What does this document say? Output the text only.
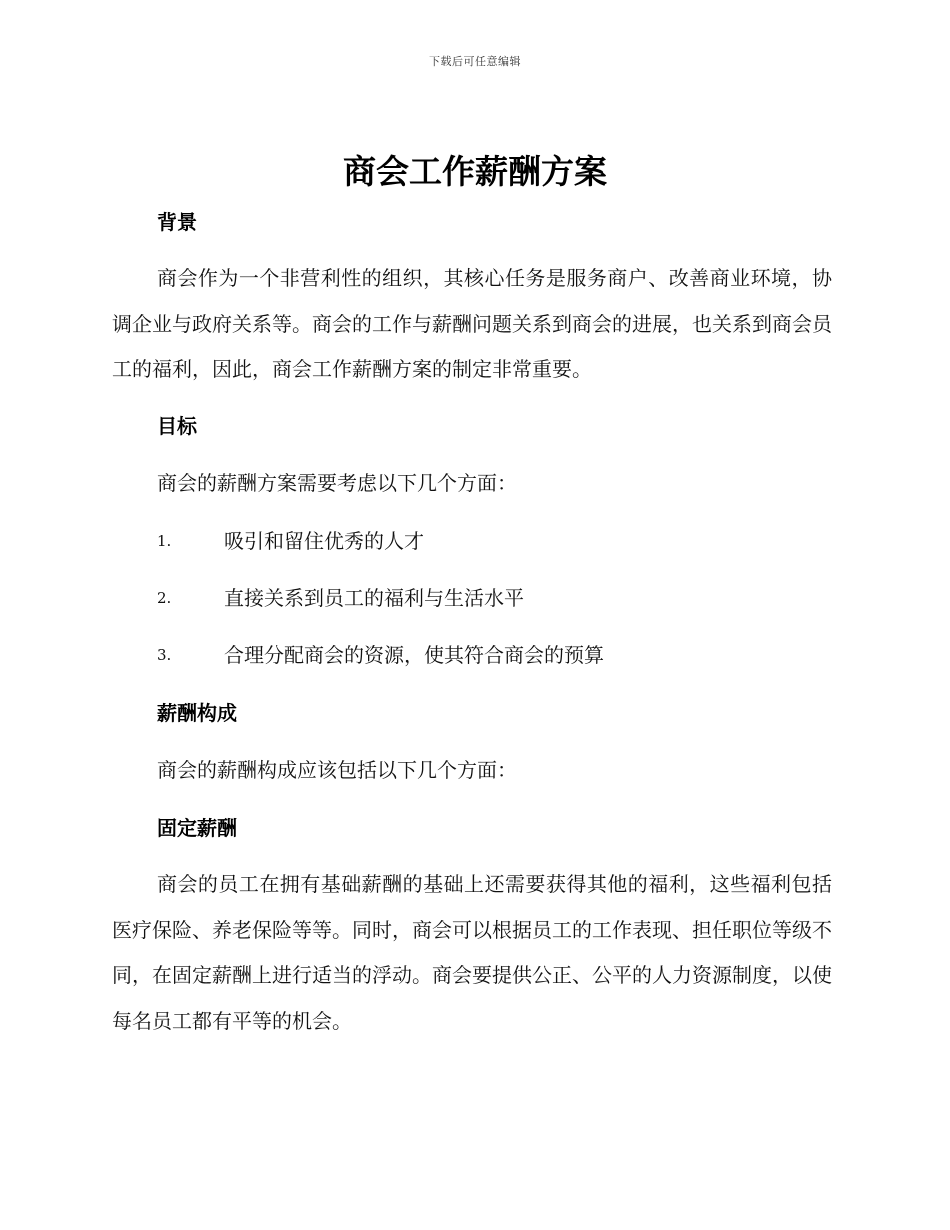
下载后可任意编辑
商会工作薪酬方案
背景

商会作为一个非营利性的组织，其核心任务是服务商户、改善商业环境，协调企业与政府关系等。商会的工作与薪酬问题关系到商会的进展，也关系到商会员工的福利，因此，商会工作薪酬方案的制定非常重要。

目标

商会的薪酬方案需要考虑以下几个方面：

1.	吸引和留住优秀的人才
2.	直接关系到员工的福利与生活水平
3.	合理分配商会的资源，使其符合商会的预算
薪酬构成

商会的薪酬构成应该包括以下几个方面：

固定薪酬

商会的员工在拥有基础薪酬的基础上还需要获得其他的福利，这些福利包括医疗保险、养老保险等等。同时，商会可以根据员工的工作表现、担任职位等级不同，在固定薪酬上进行适当的浮动。商会要提供公正、公平的人力资源制度，以使每名员工都有平等的机会。
